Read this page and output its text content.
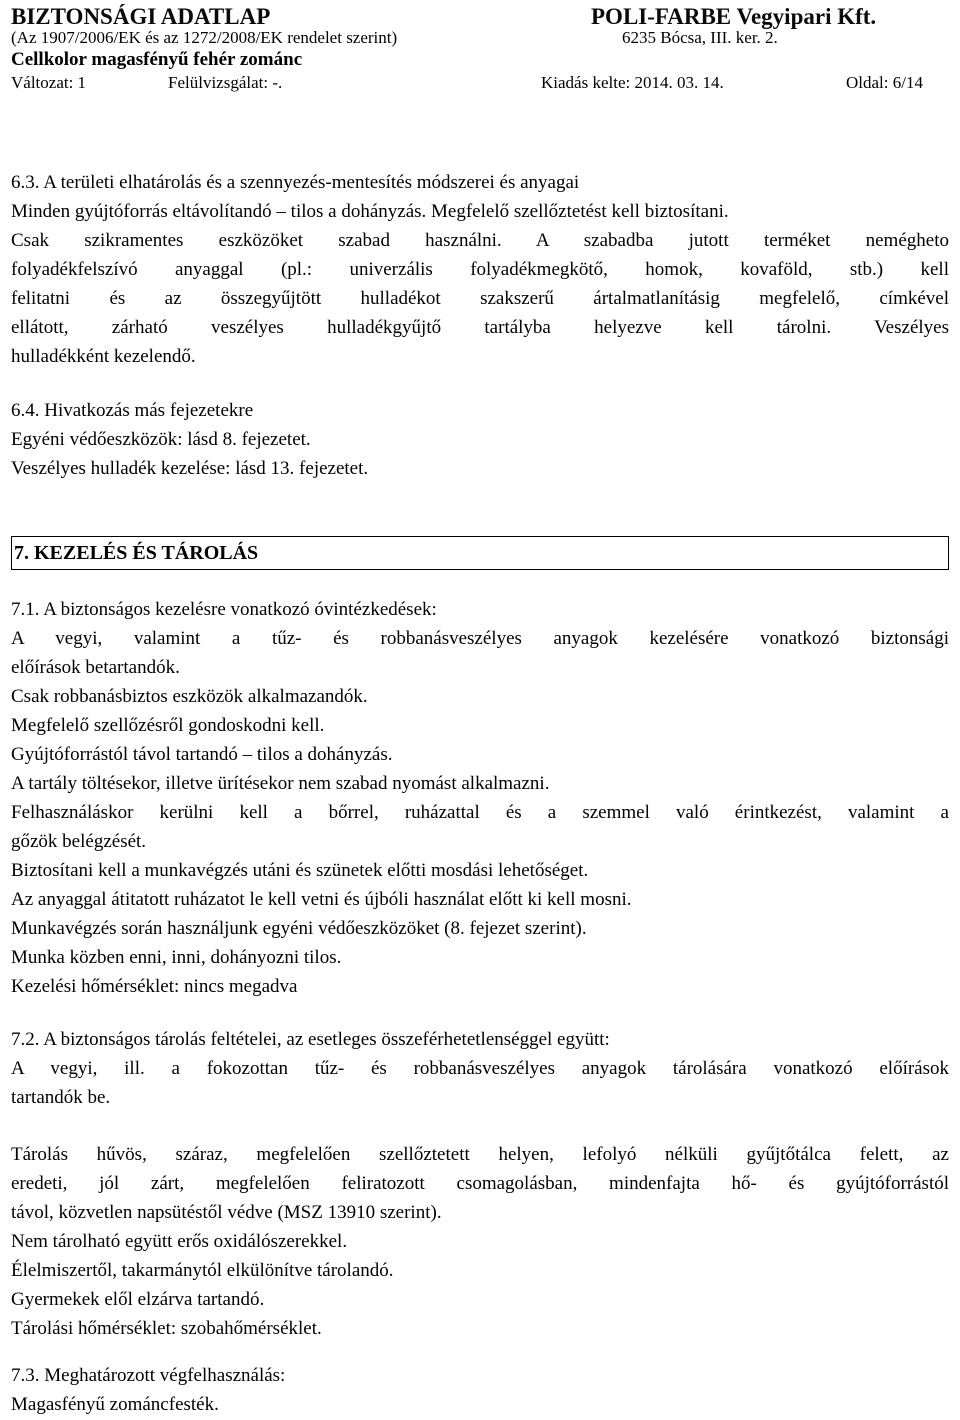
BIZTONSÁGI ADATLAP	POLI-FARBE Vegyipari Kft.
(Az 1907/2006/EK és az 1272/2008/EK rendelet szerint)	6235 Bócsa, III. ker. 2.
Cellkolor magasfényű fehér zománc
Változat: 1	Felülvizsgálat: -.	Kiadás kelte: 2014. 03. 14.	Oldal: 6/14
6.3. A területi elhatárolás és a szennyezés-mentesítés módszerei és anyagai
Minden gyújtóforrás eltávolítandó – tilos a dohányzás. Megfelelő szellőztetést kell biztosítani.
Csak szikramentes eszközöket szabad használni. A szabadba jutott terméket nemégheto
folyadékfelszívó anyaggal (pl.: univerzális folyadékmegkötő, homok, kovaföld, stb.) kell
felitatni és az összegyűjtött hulladékot szakszerű ártalmatlanításig megfelelő, címkével
ellátott, zárható veszélyes hulladékgyűjtő tartályba helyezve kell tárolni. Veszélyes
hulladékként kezelendő.
6.4. Hivatkozás más fejezetekre
Egyéni védőeszközök: lásd 8. fejezetet.
Veszélyes hulladék kezelése: lásd 13. fejezetet.
7. KEZELÉS ÉS TÁROLÁS
7.1. A biztonságos kezelésre vonatkozó óvintézkedések:
A vegyi, valamint a tűz- és robbanásveszélyes anyagok kezelésére vonatkozó biztonsági
előírások betartandók.
Csak robbanásbiztos eszközök alkalmazandók.
Megfelelő szellőzésről gondoskodni kell.
Gyújtóforrástól távol tartandó – tilos a dohányzás.
A tartály töltésekor, illetve ürítésekor nem szabad nyomást alkalmazni.
Felhasználáskor kerülni kell a bőrrel, ruházattal és a szemmel való érintkezést, valamint a
gőzök belégzését.
Biztosítani kell a munkavégzés utáni és szünetek előtti mosdási lehetőséget.
Az anyaggal átitatott ruházatot le kell vetni és újbóli használat előtt ki kell mosni.
Munkavégzés során használjunk egyéni védőeszközöket (8. fejezet szerint).
Munka közben enni, inni, dohányozni tilos.
Kezelési hőmérséklet: nincs megadva
7.2. A biztonságos tárolás feltételei, az esetleges összeférhetetlenséggel együtt:
A vegyi, ill. a fokozottan tűz- és robbanásveszélyes anyagok tárolására vonatkozó előírások
tartandók be.
Tárolás hűvös, száraz, megfelelően szellőztetett helyen, lefolyó nélküli gyűjtőtálca felett, az
eredeti, jól zárt, megfelelően feliratozott csomagolásban, mindenfajta hő- és gyújtóforrástól
távol, közvetlen napsütéstől védve (MSZ 13910 szerint).
Nem tárolható együtt erős oxidálószerekkel.
Élelmiszertől, takarmánytól elkülönítve tárolandó.
Gyermekek elől elzárva tartandó.
Tárolási hőmérséklet: szobahőmérséklet.
7.3. Meghatározott végfelhasználás:
Magasfényű zománcfesték.
